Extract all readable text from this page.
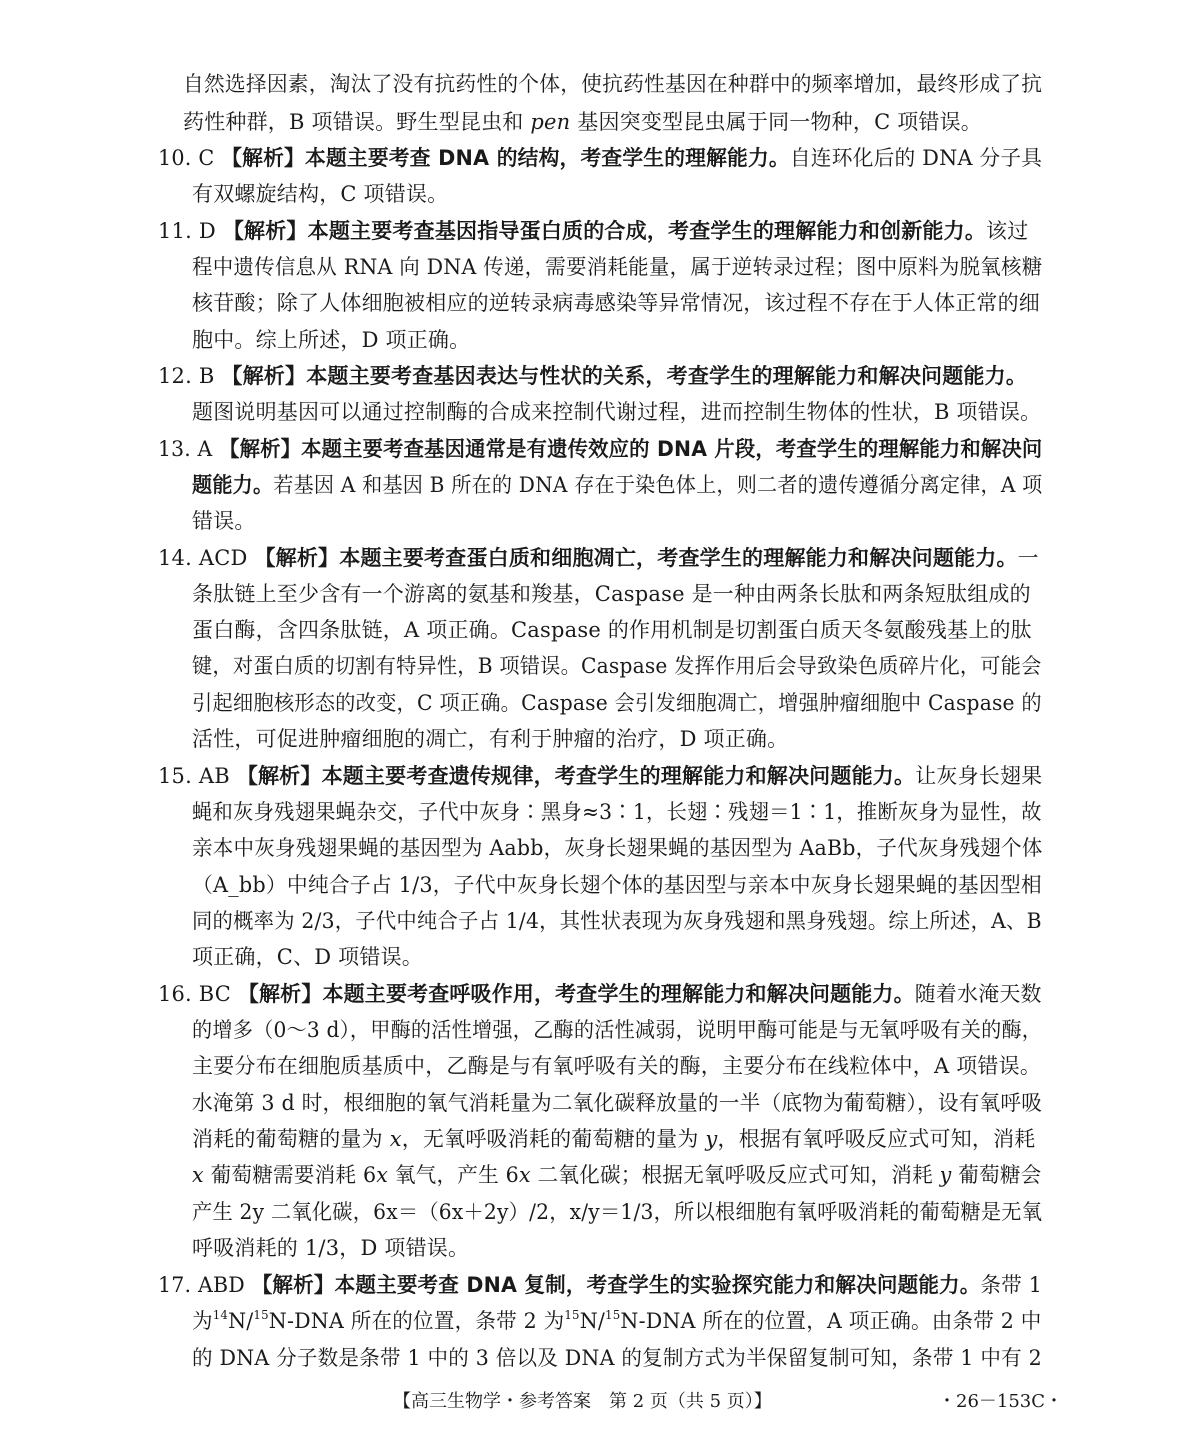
自然选择因素，淘汰了没有抗药性的个体，使抗药性基因在种群中的频率增加，最终形成了抗
药性种群，B 项错误。野生型昆虫和 pen 基因突变型昆虫属于同一物种，C 项错误。
10. C 【解析】本题主要考查 DNA 的结构，考查学生的理解能力。自连环化后的 DNA 分子具
有双螺旋结构，C 项错误。
11. D 【解析】本题主要考查基因指导蛋白质的合成，考查学生的理解能力和创新能力。该过
程中遗传信息从 RNA 向 DNA 传递，需要消耗能量，属于逆转录过程；图中原料为脱氧核糖
核苷酸；除了人体细胞被相应的逆转录病毒感染等异常情况，该过程不存在于人体正常的细
胞中。综上所述，D 项正确。
12. B 【解析】本题主要考查基因表达与性状的关系，考查学生的理解能力和解决问题能力。
题图说明基因可以通过控制酶的合成来控制代谢过程，进而控制生物体的性状，B 项错误。
13. A 【解析】本题主要考查基因通常是有遗传效应的 DNA 片段，考查学生的理解能力和解决问
题能力。若基因 A 和基因 B 所在的 DNA 存在于染色体上，则二者的遗传遵循分离定律，A 项
错误。
14. ACD 【解析】本题主要考查蛋白质和细胞凋亡，考查学生的理解能力和解决问题能力。一
条肽链上至少含有一个游离的氨基和羧基，Caspase 是一种由两条长肽和两条短肽组成的
蛋白酶，含四条肽链，A 项正确。Caspase 的作用机制是切割蛋白质天冬氨酸残基上的肽
键，对蛋白质的切割有特异性，B 项错误。Caspase 发挥作用后会导致染色质碎片化，可能会
引起细胞核形态的改变，C 项正确。Caspase 会引发细胞凋亡，增强肿瘤细胞中 Caspase 的
活性，可促进肿瘤细胞的凋亡，有利于肿瘤的治疗，D 项正确。
15. AB 【解析】本题主要考查遗传规律，考查学生的理解能力和解决问题能力。让灰身长翅果
蝇和灰身残翅果蝇杂交，子代中灰身∶黑身≈3∶1，长翅∶残翅＝1∶1，推断灰身为显性，故
亲本中灰身残翅果蝇的基因型为 Aabb，灰身长翅果蝇的基因型为 AaBb，子代灰身残翅个体
（A_bb）中纯合子占 1/3，子代中灰身长翅个体的基因型与亲本中灰身长翅果蝇的基因型相
同的概率为 2/3，子代中纯合子占 1/4，其性状表现为灰身残翅和黑身残翅。综上所述，A、B
项正确，C、D 项错误。
16. BC 【解析】本题主要考查呼吸作用，考查学生的理解能力和解决问题能力。随着水淹天数
的增多（0～3 d），甲酶的活性增强，乙酶的活性减弱，说明甲酶可能是与无氧呼吸有关的酶，
主要分布在细胞质基质中，乙酶是与有氧呼吸有关的酶，主要分布在线粒体中，A 项错误。
水淹第 3 d 时，根细胞的氧气消耗量为二氧化碳释放量的一半（底物为葡萄糖），设有氧呼吸
消耗的葡萄糖的量为 x，无氧呼吸消耗的葡萄糖的量为 y，根据有氧呼吸反应式可知，消耗
x 葡萄糖需要消耗 6x 氧气，产生 6x 二氧化碳；根据无氧呼吸反应式可知，消耗 y 葡萄糖会
产生 2y 二氧化碳，6x＝（6x＋2y）/2，x/y＝1/3，所以根细胞有氧呼吸消耗的葡萄糖是无氧
呼吸消耗的 1/3，D 项错误。
17. ABD 【解析】本题主要考查 DNA 复制，考查学生的实验探究能力和解决问题能力。条带 1
为$^{14}$N/$^{15}$N-DNA 所在的位置，条带 2 为$^{15}$N/$^{15}$N-DNA 所在的位置，A 项正确。由条带 2 中
的 DNA 分子数是条带 1 中的 3 倍以及 DNA 的复制方式为半保留复制可知，条带 1 中有 2
【高三生物学・参考答案　第 2 页（共 5 页）】	・26－153C・
